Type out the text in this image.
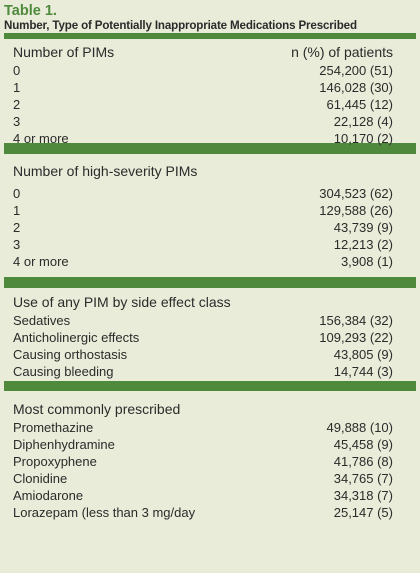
Table 1.
Number, Type of Potentially Inappropriate Medications Prescribed
Number of PIMs	n (%) of patients
0	254,200 (51)
1	146,028 (30)
2	61,445 (12)
3	22,128 (4)
4 or more	10,170 (2)
Number of high-severity PIMs
0	304,523 (62)
1	129,588 (26)
2	43,739 (9)
3	12,213 (2)
4 or more	3,908 (1)
Use of any PIM by side effect class
Sedatives	156,384 (32)
Anticholinergic effects	109,293 (22)
Causing orthostasis	43,805 (9)
Causing bleeding	14,744 (3)
Most commonly prescribed
Promethazine	49,888 (10)
Diphenhydramine	45,458 (9)
Propoxyphene	41,786 (8)
Clonidine	34,765 (7)
Amiodarone	34,318 (7)
Lorazepam (less than 3 mg/day	25,147 (5)
